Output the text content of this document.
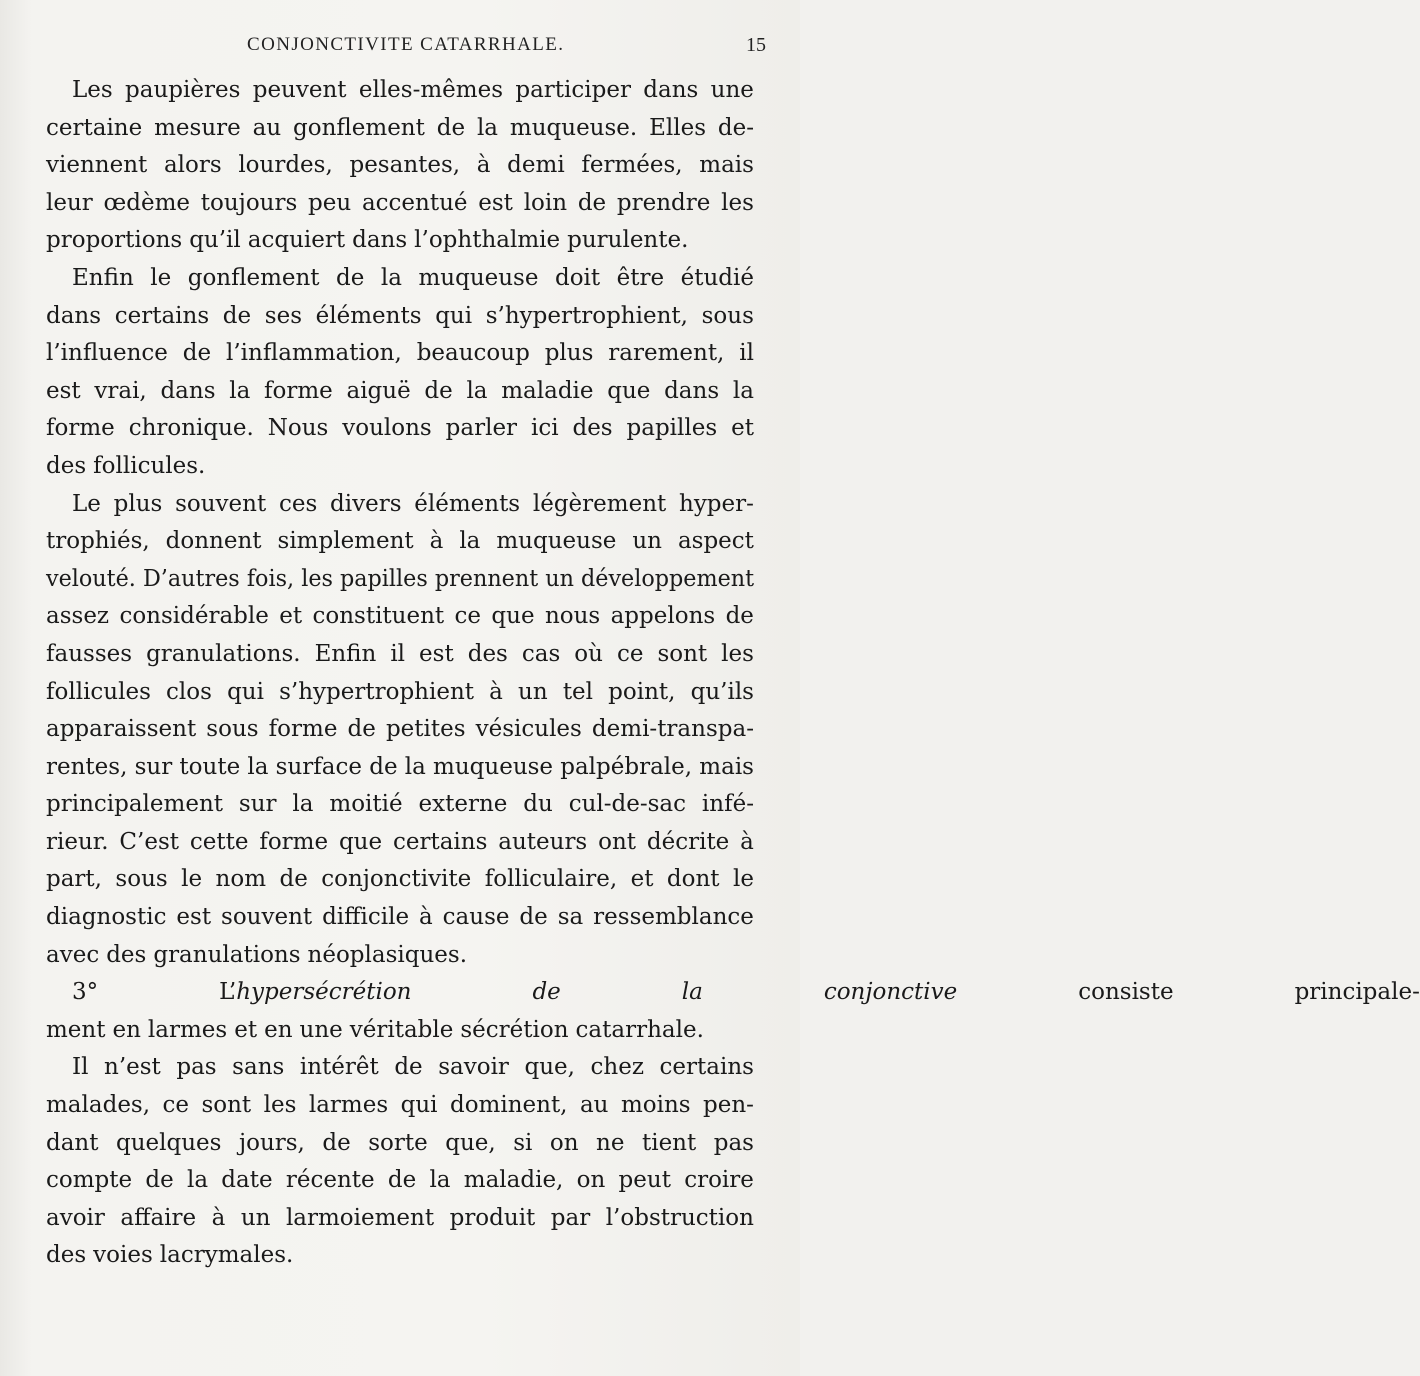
CONJONCTIVITE CATARRHALE.	15
Les paupières peuvent elles-mêmes participer dans une
certaine mesure au gonflement de la muqueuse. Elles de-
viennent alors lourdes, pesantes, à demi fermées, mais
leur œdème toujours peu accentué est loin de prendre les
proportions qu’il acquiert dans l’ophthalmie purulente.
Enfin le gonflement de la muqueuse doit être étudié
dans certains de ses éléments qui s’hypertrophient, sous
l’influence de l’inflammation, beaucoup plus rarement, il
est vrai, dans la forme aiguë de la maladie que dans la
forme chronique. Nous voulons parler ici des papilles et
des follicules.
Le plus souvent ces divers éléments légèrement hyper-
trophiés, donnent simplement à la muqueuse un aspect
velouté. D’autres fois, les papilles prennent un développement
assez considérable et constituent ce que nous appelons de
fausses granulations. Enfin il est des cas où ce sont les
follicules clos qui s’hypertrophient à un tel point, qu’ils
apparaissent sous forme de petites vésicules demi-transpa-
rentes, sur toute la surface de la muqueuse palpébrale, mais
principalement sur la moitié externe du cul-de-sac infé-
rieur. C’est cette forme que certains auteurs ont décrite à
part, sous le nom de conjonctivite folliculaire, et dont le
diagnostic est souvent difficile à cause de sa ressemblance
avec des granulations néoplasiques.
3° L’hypersécrétion de la conjonctive consiste principale-
ment en larmes et en une véritable sécrétion catarrhale.
Il n’est pas sans intérêt de savoir que, chez certains
malades, ce sont les larmes qui dominent, au moins pen-
dant quelques jours, de sorte que, si on ne tient pas
compte de la date récente de la maladie, on peut croire
avoir affaire à un larmoiement produit par l’obstruction
des voies lacrymales.
